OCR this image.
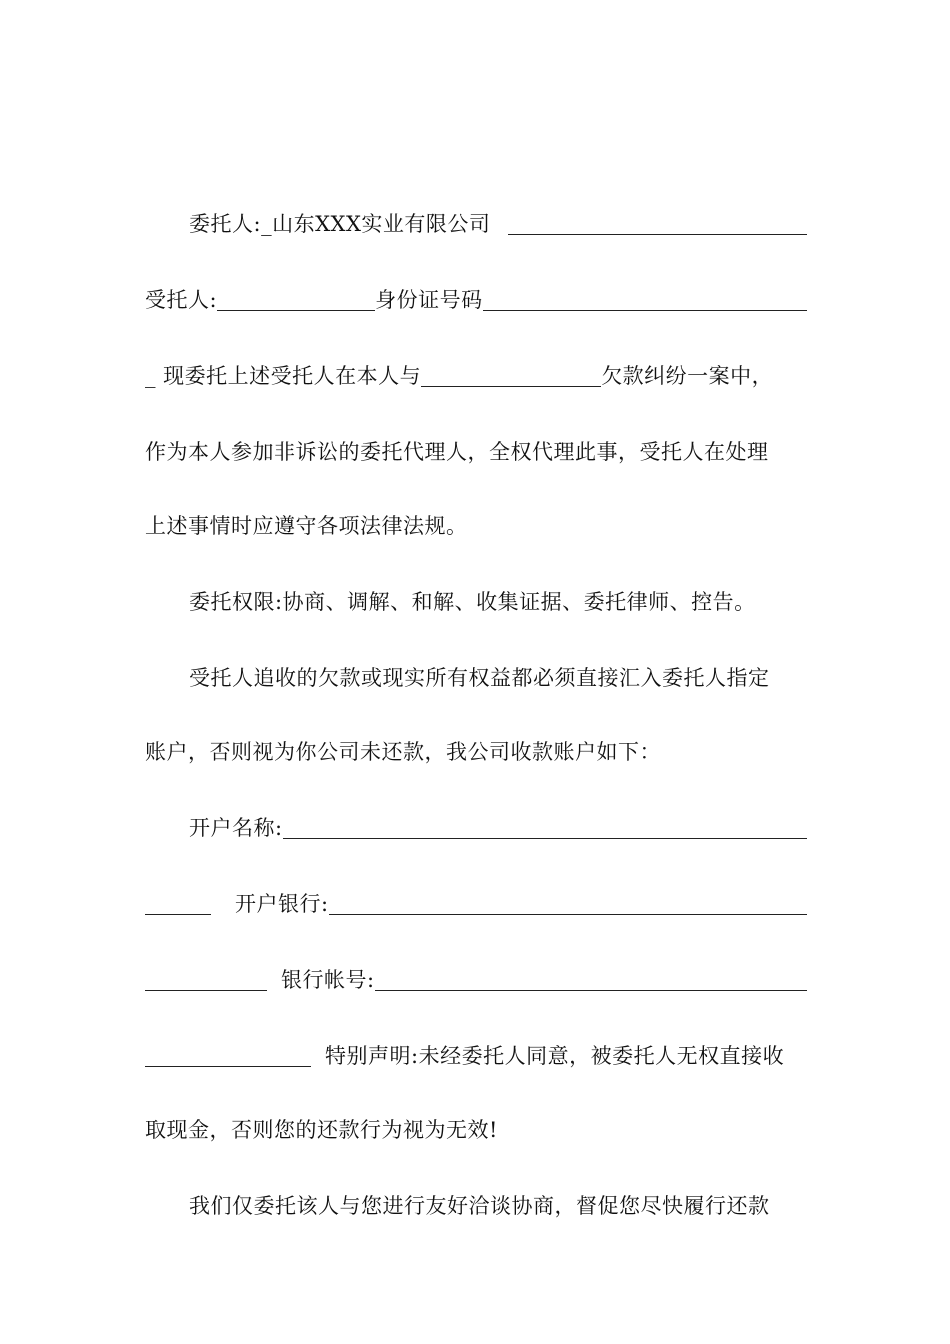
委托人:_山东XXX实业有限公司
受托人:	身份证号码
_ 现委托上述受托人在本人与	欠款纠纷一案中，
作为本人参加非诉讼的委托代理人，全权代理此事，受托人在处理
上述事情时应遵守各项法律法规。
委托权限:协商、调解、和解、收集证据、委托律师、控告。
受托人追收的欠款或现实所有权益都必须直接汇入委托人指定
账户，否则视为你公司未还款，我公司收款账户如下：
开户名称:
开户银行:
银行帐号:
特别声明:未经委托人同意，被委托人无权直接收
取现金，否则您的还款行为视为无效!
我们仅委托该人与您进行友好洽谈协商，督促您尽快履行还款
